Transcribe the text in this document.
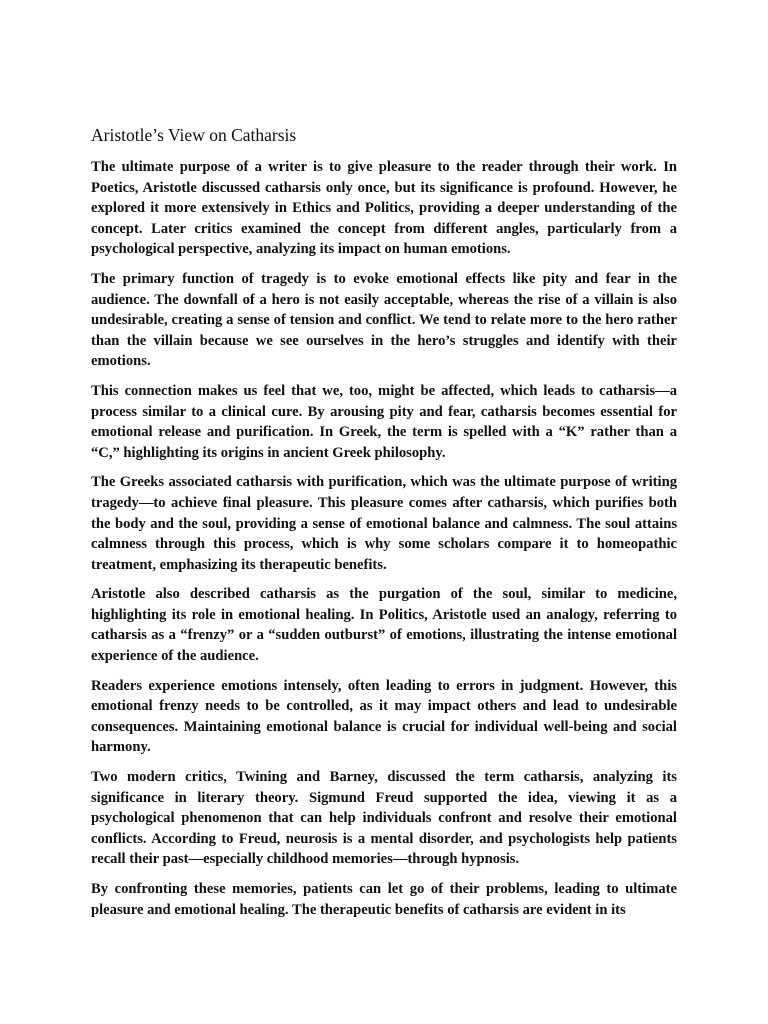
Aristotle’s View on Catharsis

The ultimate purpose of a writer is to give pleasure to the reader through their work. In Poetics, Aristotle discussed catharsis only once, but its significance is profound. However, he explored it more extensively in Ethics and Politics, providing a deeper understanding of the concept. Later critics examined the concept from different angles, particularly from a psychological perspective, analyzing its impact on human emotions.

The primary function of tragedy is to evoke emotional effects like pity and fear in the audience. The downfall of a hero is not easily acceptable, whereas the rise of a villain is also undesirable, creating a sense of tension and conflict. We tend to relate more to the hero rather than the villain because we see ourselves in the hero’s struggles and identify with their emotions.

This connection makes us feel that we, too, might be affected, which leads to catharsis—a process similar to a clinical cure. By arousing pity and fear, catharsis becomes essential for emotional release and purification. In Greek, the term is spelled with a “K” rather than a “C,” highlighting its origins in ancient Greek philosophy.

The Greeks associated catharsis with purification, which was the ultimate purpose of writing tragedy—to achieve final pleasure. This pleasure comes after catharsis, which purifies both the body and the soul, providing a sense of emotional balance and calmness. The soul attains calmness through this process, which is why some scholars compare it to homeopathic treatment, emphasizing its therapeutic benefits.

Aristotle also described catharsis as the purgation of the soul, similar to medicine, highlighting its role in emotional healing. In Politics, Aristotle used an analogy, referring to catharsis as a “frenzy” or a “sudden outburst” of emotions, illustrating the intense emotional experience of the audience.

Readers experience emotions intensely, often leading to errors in judgment. However, this emotional frenzy needs to be controlled, as it may impact others and lead to undesirable consequences. Maintaining emotional balance is crucial for individual well-being and social harmony.

Two modern critics, Twining and Barney, discussed the term catharsis, analyzing its significance in literary theory. Sigmund Freud supported the idea, viewing it as a psychological phenomenon that can help individuals confront and resolve their emotional conflicts. According to Freud, neurosis is a mental disorder, and psychologists help patients recall their past—especially childhood memories—through hypnosis.

By confronting these memories, patients can let go of their problems, leading to ultimate pleasure and emotional healing. The therapeutic benefits of catharsis are evident in its
